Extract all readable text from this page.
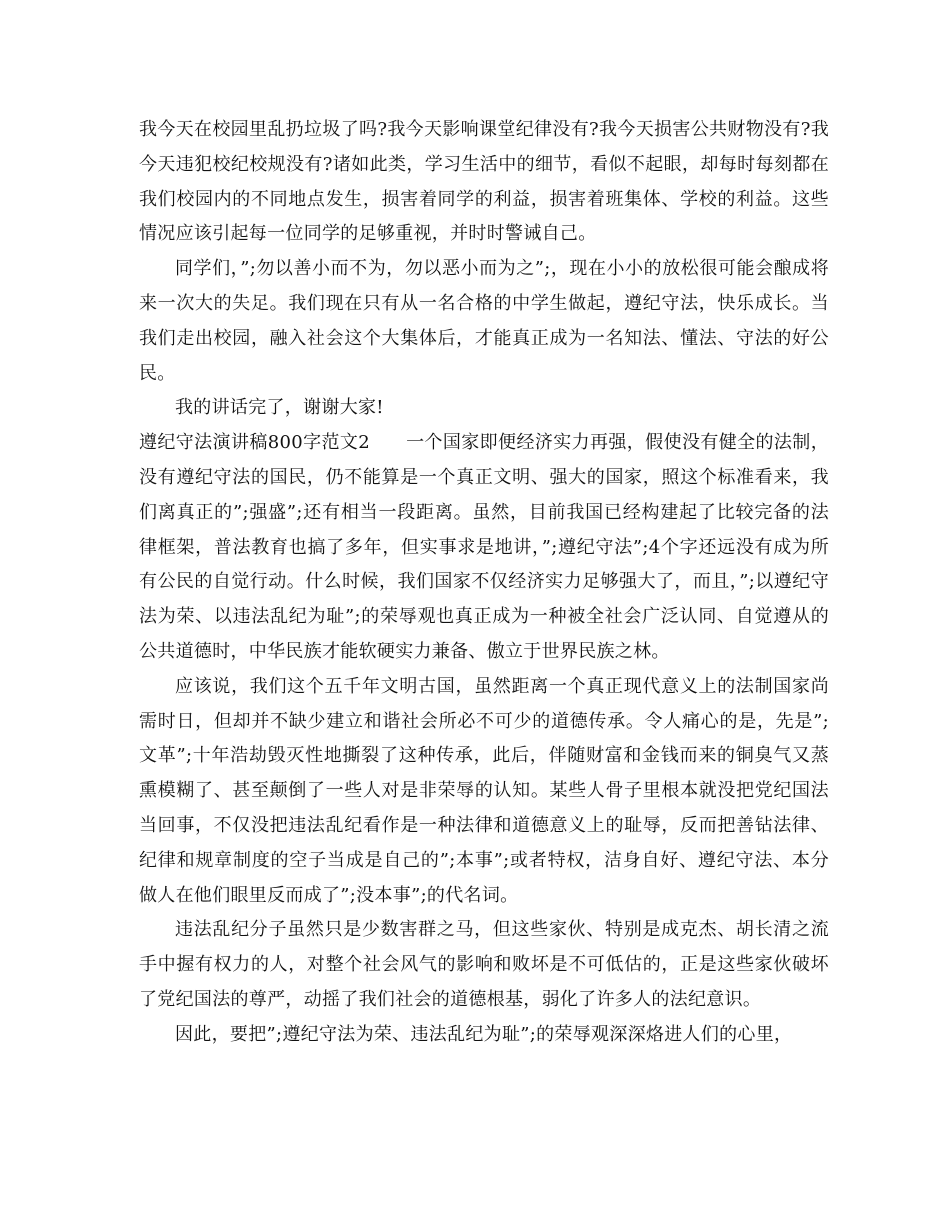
我今天在校园里乱扔垃圾了吗?我今天影响课堂纪律没有?我今天损害公共财物没有?我今天违犯校纪校规没有?诸如此类，学习生活中的细节，看似不起眼，却每时每刻都在我们校园内的不同地点发生，损害着同学的利益，损害着班集体、学校的利益。这些情况应该引起每一位同学的足够重视，并时时警诫自己。

同学们，”;勿以善小而不为，勿以恶小而为之”;，现在小小的放松很可能会酿成将来一次大的失足。我们现在只有从一名合格的中学生做起，遵纪守法，快乐成长。当我们走出校园，融入社会这个大集体后，才能真正成为一名知法、懂法、守法的好公民。

我的讲话完了，谢谢大家!

遵纪守法演讲稿800字范文2 一个国家即便经济实力再强，假使没有健全的法制，没有遵纪守法的国民，仍不能算是一个真正文明、强大的国家，照这个标准看来，我们离真正的”;强盛”;还有相当一段距离。虽然，目前我国已经构建起了比较完备的法律框架，普法教育也搞了多年，但实事求是地讲，”;遵纪守法”;4个字还远没有成为所有公民的自觉行动。什么时候，我们国家不仅经济实力足够强大了，而且，”;以遵纪守法为荣、以违法乱纪为耻”;的荣辱观也真正成为一种被全社会广泛认同、自觉遵从的公共道德时，中华民族才能软硬实力兼备、傲立于世界民族之林。

应该说，我们这个五千年文明古国，虽然距离一个真正现代意义上的法制国家尚需时日，但却并不缺少建立和谐社会所必不可少的道德传承。令人痛心的是，先是”;文革”;十年浩劫毁灭性地撕裂了这种传承，此后，伴随财富和金钱而来的铜臭气又蒸熏模糊了、甚至颠倒了一些人对是非荣辱的认知。某些人骨子里根本就没把党纪国法当回事，不仅没把违法乱纪看作是一种法律和道德意义上的耻辱，反而把善钻法律、纪律和规章制度的空子当成是自己的”;本事”;或者特权，洁身自好、遵纪守法、本分做人在他们眼里反而成了”;没本事”;的代名词。

违法乱纪分子虽然只是少数害群之马，但这些家伙、特别是成克杰、胡长清之流手中握有权力的人，对整个社会风气的影响和败坏是不可低估的，正是这些家伙破坏了党纪国法的尊严，动摇了我们社会的道德根基，弱化了许多人的法纪意识。

因此，要把”;遵纪守法为荣、违法乱纪为耻”;的荣辱观深深烙进人们的心里，
